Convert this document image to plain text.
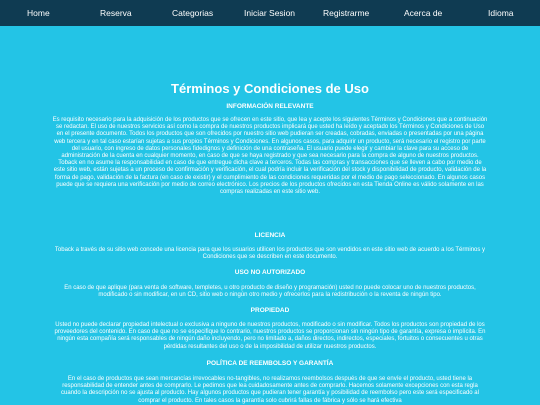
Home	Reserva	Categorias	Iniciar Sesion	Registrarme	Acerca de	Idioma
Términos y Condiciones de Uso
INFORMACIÓN RELEVANTE

Es requisito necesario para la adquisición de los productos que se ofrecen en este sitio, que lea y acepte los siguientes Términos y Condiciones que a continuación se redactan. El uso de nuestros servicios así como la compra de nuestros productos implicará que usted ha leído y aceptado los Términos y Condiciones de Uso en el presente documento. Todos los productos que son ofrecidos por nuestro sitio web pudieran ser creadas, cobradas, enviadas o presentadas por una página web tercera y en tal caso estarían sujetas a sus propios Términos y Condiciones. En algunos casos, para adquirir un producto, será necesario el registro por parte del usuario, con ingreso de datos personales fidedignos y definición de una contraseña. El usuario puede elegir y cambiar la clave para su acceso de administración de la cuenta en cualquier momento, en caso de que se haya registrado y que sea necesario para la compra de alguno de nuestros productos. Toback en no asume la responsabilidad en caso de que entregue dicha clave a terceros. Todas las compras y transacciones que se lleven a cabo por medio de este sitio web, están sujetas a un proceso de confirmación y verificación, el cual podría incluir la verificación del stock y disponibilidad de producto, validación de la forma de pago, validación de la factura (en caso de existir) y el cumplimiento de las condiciones requeridas por el medio de pago seleccionado. En algunos casos puede que se requiera una verificación por medio de correo electrónico. Los precios de los productos ofrecidos en esta Tienda Online es válido solamente en las compras realizadas en este sitio web.

LICENCIA

Toback a través de su sitio web concede una licencia para que los usuarios utilicen los productos que son vendidos en este sitio web de acuerdo a los Términos y Condiciones que se describen en este documento.

USO NO AUTORIZADO

En caso de que aplique (para venta de software, templetes, u otro producto de diseño y programación) usted no puede colocar uno de nuestros productos, modificado o sin modificar, en un CD, sitio web o ningún otro medio y ofrecerlos para la redistribución o la reventa de ningún tipo.

PROPIEDAD

Usted no puede declarar propiedad intelectual o exclusiva a ninguno de nuestros productos, modificado o sin modificar. Todos los productos son propiedad de los proveedores del contenido. En caso de que no se especifique lo contrario, nuestros productos se proporcionan sin ningún tipo de garantía, expresa o implícita. En ningún esta compañía será responsables de ningún daño incluyendo, pero no limitado a, daños directos, indirectos, especiales, fortuitos o consecuentes u otras pérdidas resultantes del uso o de la imposibilidad de utilizar nuestros productos.

POLÍTICA DE REEMBOLSO Y GARANTÍA

En el caso de productos que sean mercancías irrevocables no-tangibles, no realizamos reembolsos después de que se envíe el producto, usted tiene la responsabilidad de entender antes de comprarlo. Le pedimos que lea cuidadosamente antes de comprarlo. Hacemos solamente excepciones con esta regla cuando la descripción no se ajusta al producto. Hay algunos productos que pudieran tener garantía y posibilidad de reembolso pero este será especificado al comprar el producto. En tales casos la garantía solo cubrirá fallas de fábrica y sólo se hará efectiva
